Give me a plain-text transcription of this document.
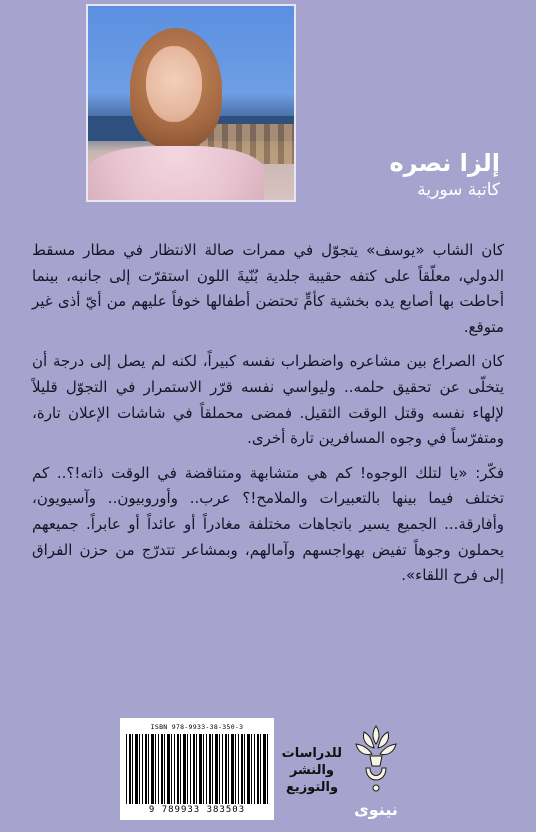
إلزا نصره
كاتبة سورية

كان الشاب «يوسف» يتجوّل في ممرات صالة الانتظار في مطار مسقط الدولي، معلّقاً على كتفه حقيبة جلدية بُنّيةَ اللون استقرّت إلى جانبه، بينما أحاطت بها أصابع يده بخشية كأمٍّ تحتضن أطفالها خوفاً عليهم من أيّ أذى غير متوقع.

كان الصراع بين مشاعره واضطراب نفسه كبيراً، لكنه لم يصل إلى درجة أن يتخلّى عن تحقيق حلمه.. وليواسي نفسه قرّر الاستمرار في التجوّل قليلاً لإلهاء نفسه وقتل الوقت الثقيل. فمضى محملقاً في شاشات الإعلان تارة، ومتفرّساً في وجوه المسافرين تارة أخرى.

فكّر: «يا لتلك الوجوه! كم هي متشابهة ومتناقضة في الوقت ذاته!؟.. كم تختلف فيما بينها بالتعبيرات والملامح!؟ عرب.. وأوروبيون.. وآسيويون، وأفارقة... الجميع يسير باتجاهات مختلفة مغادراً أو عائداً أو عابراً. جميعهم يحملون وجوهاً تفيض بهواجسهم وآمالهم، وبمشاعر تتدرّج من حزن الفراق إلى فرح اللقاء».

ISBN 978-9933-38-350-3
9 789933 383503
للدراسات
والنشر
والتوزيع
نينوى
